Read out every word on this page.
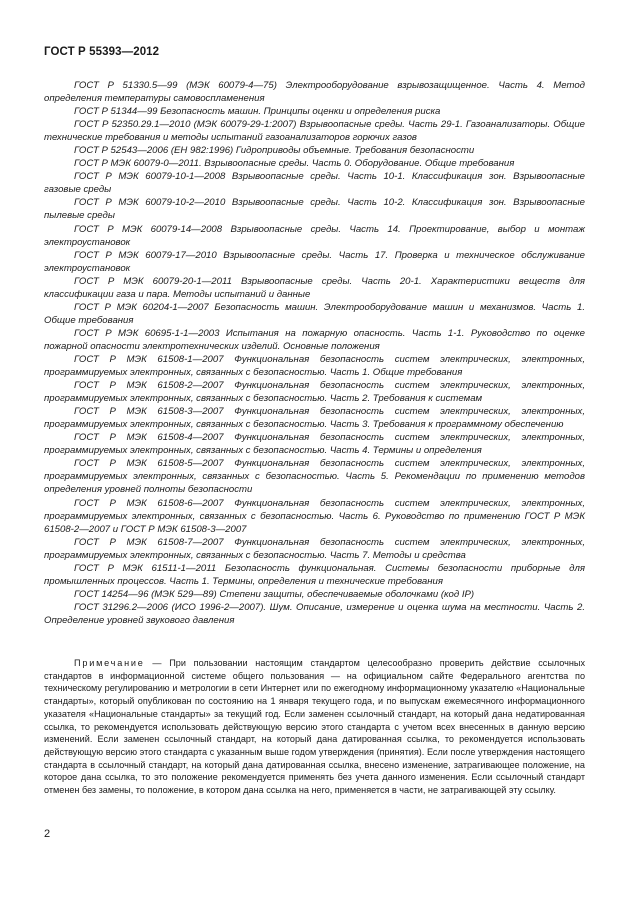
ГОСТ Р 55393—2012
ГОСТ Р 51330.5—99 (МЭК 60079-4—75) Электрооборудование взрывозащищенное. Часть 4. Метод определения температуры самовоспламенения
ГОСТ Р 51344—99 Безопасность машин. Принципы оценки и определения риска
ГОСТ Р 52350.29.1—2010 (МЭК 60079-29-1:2007) Взрывоопасные среды. Часть 29-1. Газоанализаторы. Общие технические требования и методы испытаний газоанализаторов горючих газов
ГОСТ Р 52543—2006 (ЕН 982:1996) Гидроприводы объемные. Требования безопасности
ГОСТ Р МЭК 60079-0—2011. Взрывоопасные среды. Часть 0. Оборудование. Общие требования
ГОСТ Р МЭК 60079-10-1—2008 Взрывоопасные среды. Часть 10-1. Классификация зон. Взрывоопасные газовые среды
ГОСТ Р МЭК 60079-10-2—2010 Взрывоопасные среды. Часть 10-2. Классификация зон. Взрывоопасные пылевые среды
ГОСТ Р МЭК 60079-14—2008 Взрывоопасные среды. Часть 14. Проектирование, выбор и монтаж электроустановок
ГОСТ Р МЭК 60079-17—2010 Взрывоопасные среды. Часть 17. Проверка и техническое обслуживание электроустановок
ГОСТ Р МЭК 60079-20-1—2011 Взрывоопасные среды. Часть 20-1. Характеристики веществ для классификации газа и пара. Методы испытаний и данные
ГОСТ Р МЭК 60204-1—2007 Безопасность машин. Электрооборудование машин и механизмов. Часть 1. Общие требования
ГОСТ Р МЭК 60695-1-1—2003 Испытания на пожарную опасность. Часть 1-1. Руководство по оценке пожарной опасности электротехнических изделий. Основные положения
ГОСТ Р МЭК 61508-1—2007 Функциональная безопасность систем электрических, электронных, программируемых электронных, связанных с безопасностью. Часть 1. Общие требования
ГОСТ Р МЭК 61508-2—2007 Функциональная безопасность систем электрических, электронных, программируемых электронных, связанных с безопасностью. Часть 2. Требования к системам
ГОСТ Р МЭК 61508-3—2007 Функциональная безопасность систем электрических, электронных, программируемых электронных, связанных с безопасностью. Часть 3. Требования к программному обеспечению
ГОСТ Р МЭК 61508-4—2007 Функциональная безопасность систем электрических, электронных, программируемых электронных, связанных с безопасностью. Часть 4. Термины и определения
ГОСТ Р МЭК 61508-5—2007 Функциональная безопасность систем электрических, электронных, программируемых электронных, связанных с безопасностью. Часть 5. Рекомендации по применению методов определения уровней полноты безопасности
ГОСТ Р МЭК 61508-6—2007 Функциональная безопасность систем электрических, электронных, программируемых электронных, связанных с безопасностью. Часть 6. Руководство по применению ГОСТ Р МЭК 61508-2—2007 и ГОСТ Р МЭК 61508-3—2007
ГОСТ Р МЭК 61508-7—2007 Функциональная безопасность систем электрических, электронных, программируемых электронных, связанных с безопасностью. Часть 7. Методы и средства
ГОСТ Р МЭК 61511-1—2011 Безопасность функциональная. Системы безопасности приборные для промышленных процессов. Часть 1. Термины, определения и технические требования
ГОСТ 14254—96 (МЭК 529—89) Степени защиты, обеспечиваемые оболочками (код IP)
ГОСТ 31296.2—2006 (ИСО 1996-2—2007). Шум. Описание, измерение и оценка шума на местности. Часть 2. Определение уровней звукового давления
Примечание — При пользовании настоящим стандартом целесообразно проверить действие ссылочных стандартов в информационной системе общего пользования — на официальном сайте Федерального агентства по техническому регулированию и метрологии в сети Интернет или по ежегодному информационному указателю «Национальные стандарты», который опубликован по состоянию на 1 января текущего года, и по выпускам ежемесячного информационного указателя «Национальные стандарты» за текущий год. Если заменен ссылочный стандарт, на который дана недатированная ссылка, то рекомендуется использовать действующую версию этого стандарта с учетом всех внесенных в данную версию изменений. Если заменен ссылочный стандарт, на который дана датированная ссылка, то рекомендуется использовать действующую версию этого стандарта с указанным выше годом утверждения (принятия). Если после утверждения настоящего стандарта в ссылочный стандарт, на который дана датированная ссылка, внесено изменение, затрагивающее положение, на которое дана ссылка, то это положение рекомендуется применять без учета данного изменения. Если ссылочный стандарт отменен без замены, то положение, в котором дана ссылка на него, применяется в части, не затрагивающей эту ссылку.
2
